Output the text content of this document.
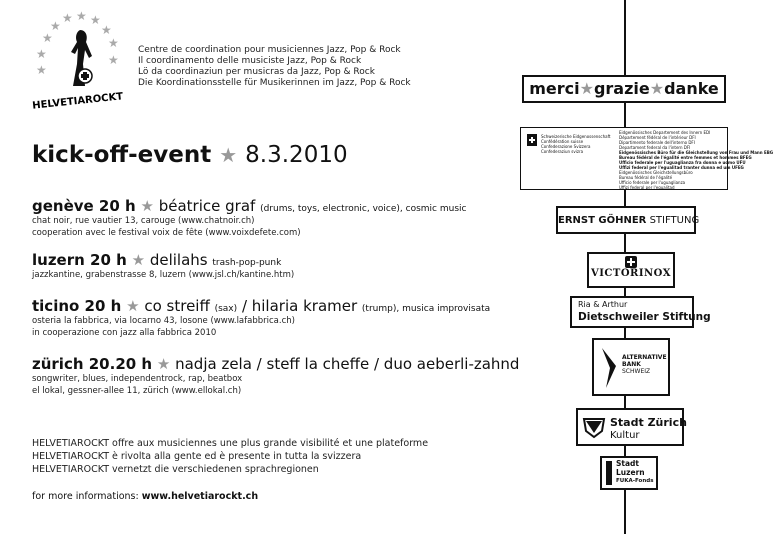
★
★
★ ★ ★
★
★
★
★
★
HELVETIAROCKT
Centre de coordination pour musiciennes Jazz, Pop & Rock
Il coordinamento delle musiciste Jazz, Pop & Rock
Lö da coordinaziun per musicras da Jazz, Pop & Rock
Die Koordinationsstelle für Musikerinnen im Jazz, Pop & Rock
kick-off-event ★ 8.3.2010
genève 20 h ★ béatrice graf (drums, toys, electronic, voice), cosmic music
chat noir, rue vautier 13, carouge (www.chatnoir.ch)
cooperation avec le festival voix de fête (www.voixdefete.com)
luzern 20 h ★ delilahs trash-pop-punk
jazzkantine, grabenstrasse 8, luzern (www.jsl.ch/kantine.htm)
ticino 20 h ★ co streiff (sax) / hilaria kramer (trump), musica improvisata
osteria la fabbrica, via locarno 43, losone (www.lafabbrica.ch)
in cooperazione con jazz alla fabbrica 2010
zürich 20.20 h ★ nadja zela / steff la cheffe / duo aeberli-zahnd
songwriter, blues, independentrock, rap, beatbox
el lokal, gessner-allee 11, zürich (www.ellokal.ch)
HELVETIAROCKT offre aux musiciennes une plus grande visibilité et une plateforme
HELVETIAROCKT è rivolta alla gente ed è presente in tutta la svizzera
HELVETIAROCKT vernetzt die verschiedenen sprachregionen
for more informations: www.helvetiarockt.ch
merci★grazie★danke
Schweizerische Eidgenossenschaft
Confédération suisse
Confederazione Svizzera
Confederaziun svizra
Eidgenössisches Departement des Innern EDI
Département fédéral de l'intérieur DFI
Dipartimento federale dell'interno DFI
Departament federal da l'intern DFI
Eidgenössisches Büro für die Gleichstellung von Frau und Mann EBG
Bureau fédéral de l'égalité entre femmes et hommes BFEG
Ufficio federale per l'uguaglianza fra donna e uomo UFU
Uffizi federal per l'egualitad tranter dunna ed um UFEG
Eidgenössisches Gleichstellungsbüro
Bureau fédéral de l'égalité
Ufficio federale per l'uguaglianza
Uffizi federal per l'egualitad
ERNST GÖHNER STIFTUNG
VICTORINOX
Ria & Arthur
Dietschweiler Stiftung
ALTERNATIVE
BANK
SCHWEIZ
Stadt Zürich
Kultur
Stadt
Luzern
FUKA-Fonds
